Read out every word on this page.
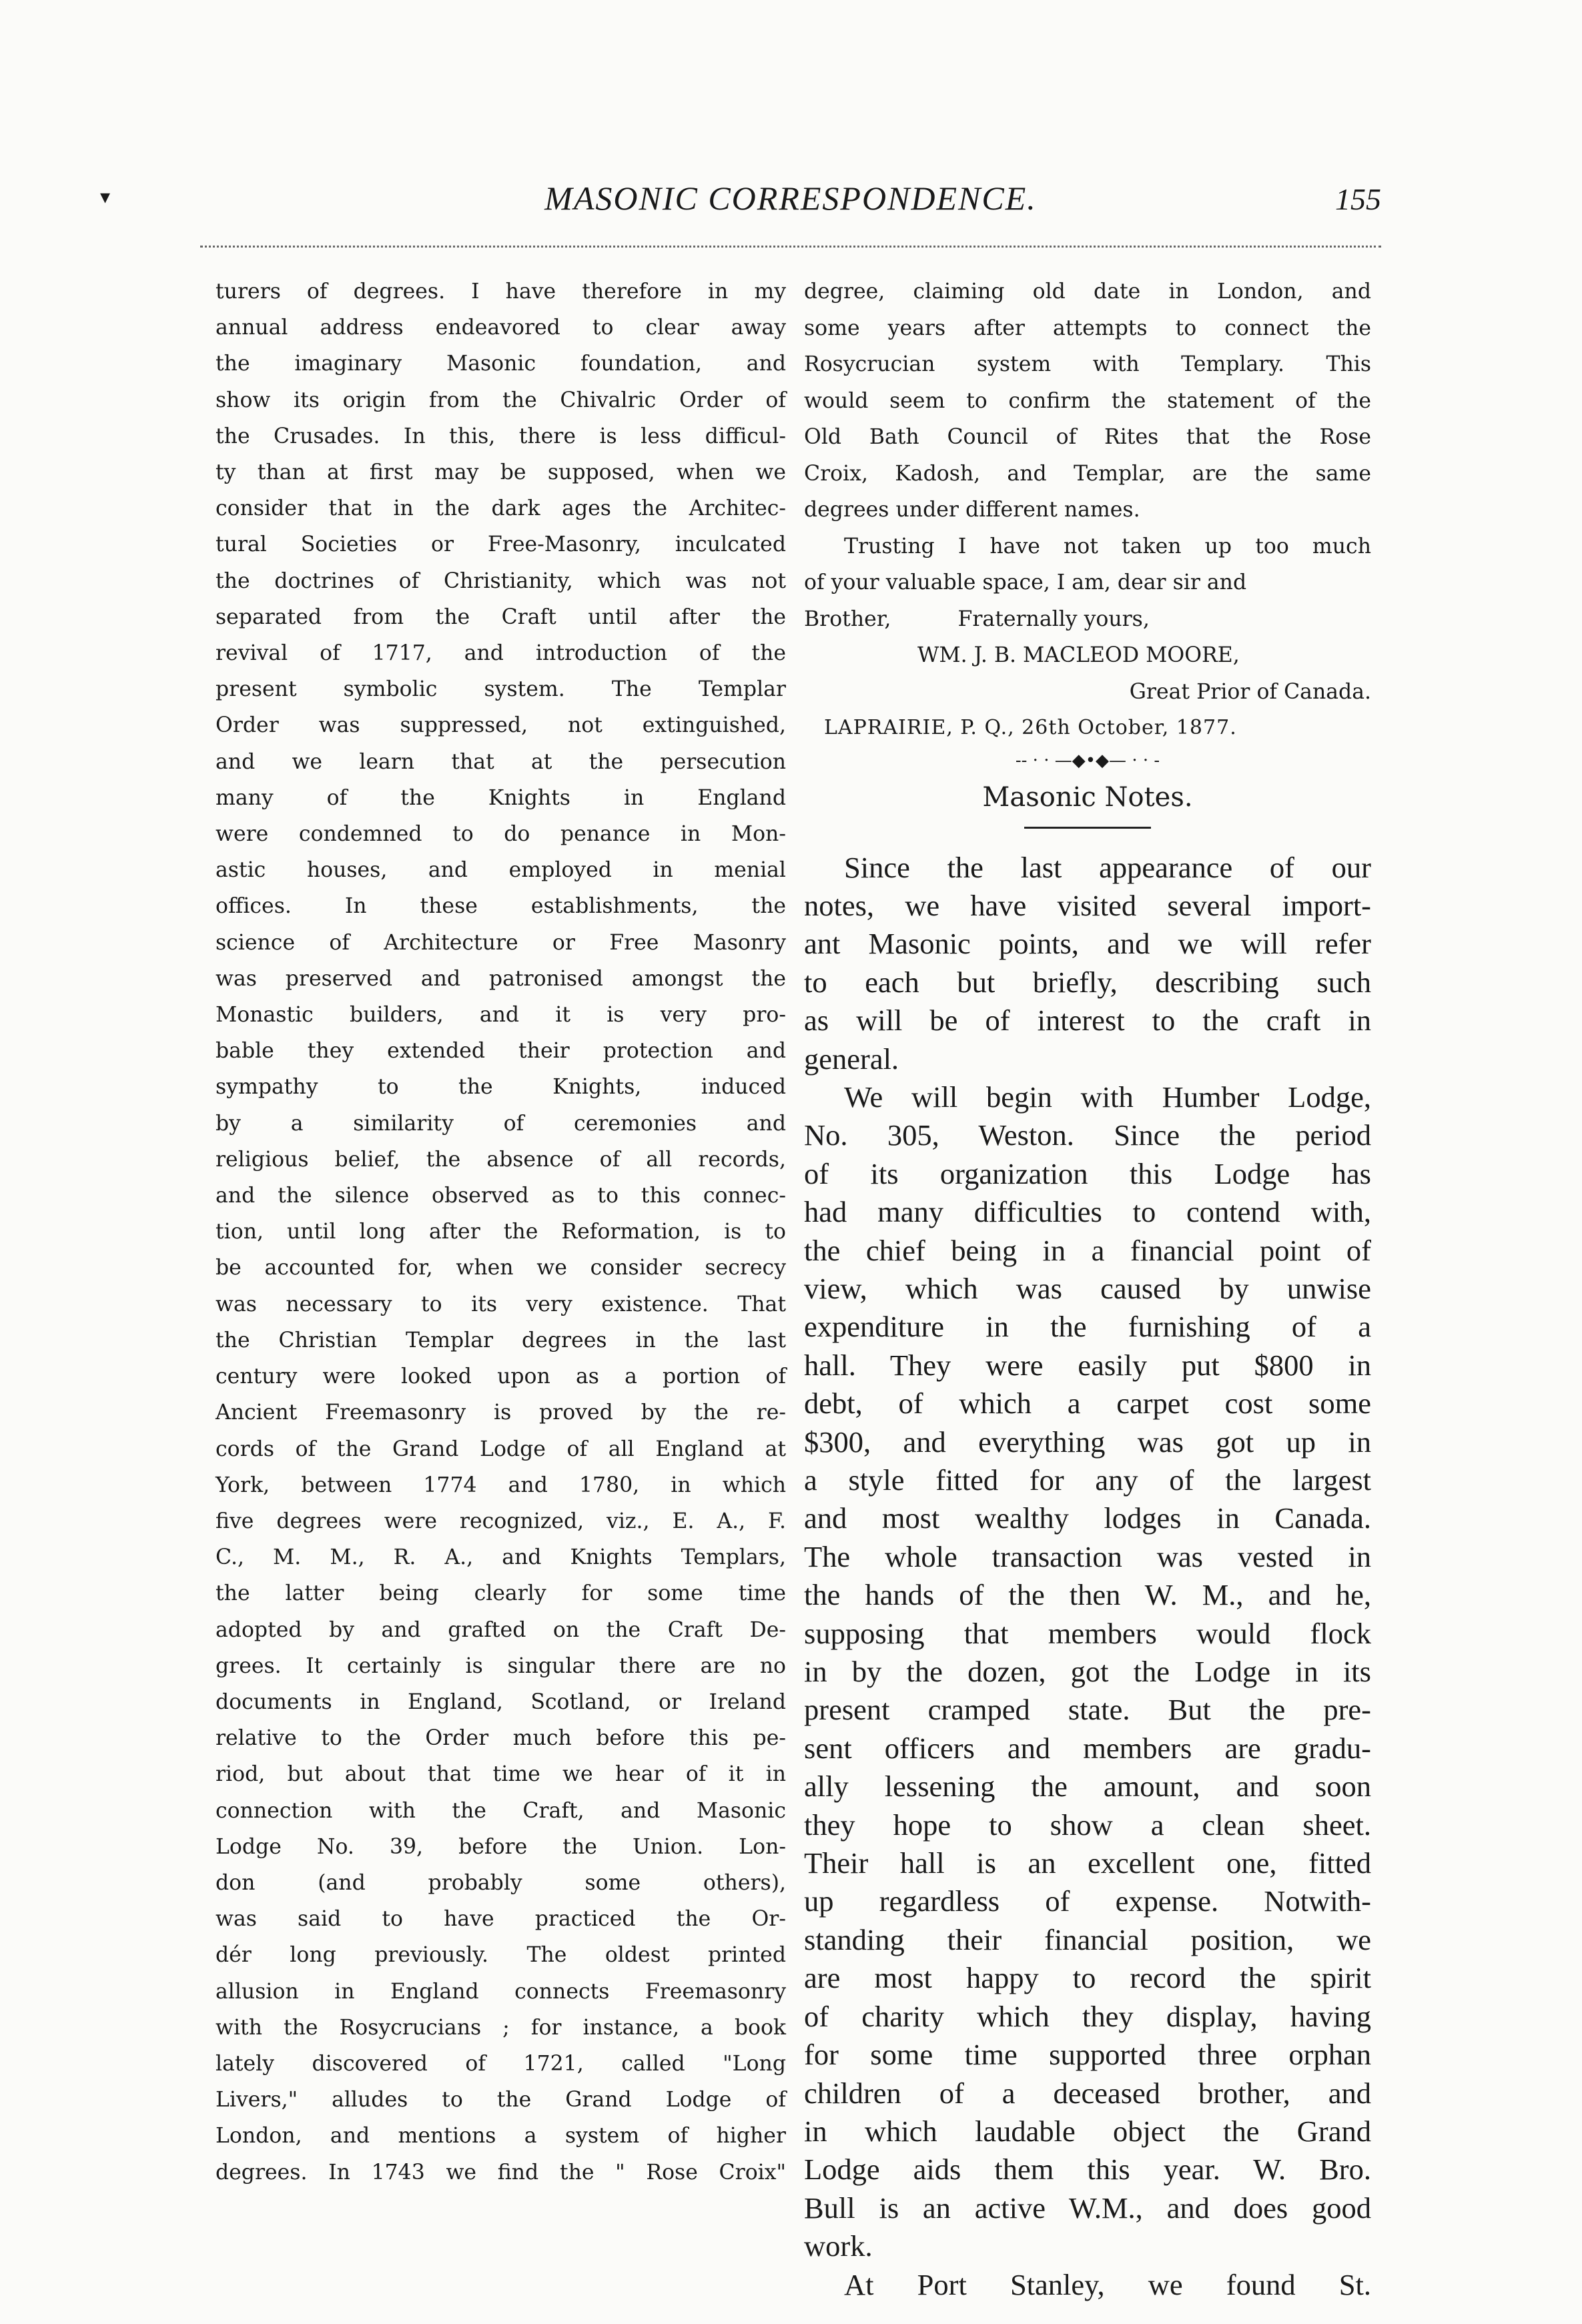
▾	MASONIC CORRESPONDENCE.	155

turers of degrees. I have therefore in my

annual address endeavored to clear away

the imaginary Masonic foundation, and

show its origin from the Chivalric Order of

the Crusades. In this, there is less difficul-

ty than at first may be supposed, when we

consider that in the dark ages the Architec-

tural Societies or Free-Masonry, inculcated

the doctrines of Christianity, which was not

separated from the Craft until after the

revival of 1717, and introduction of the

present symbolic system. The Templar

Order was suppressed, not extinguished,

and we learn that at the persecution

many of the Knights in England

were condemned to do penance in Mon-

astic houses, and employed in menial

offices. In these establishments, the

science of Architecture or Free Masonry

was preserved and patronised amongst the

Monastic builders, and it is very pro-

bable they extended their protection and

sympathy to the Knights, induced

by a similarity of ceremonies and

religious belief, the absence of all records,

and the silence observed as to this connec-

tion, until long after the Reformation, is to

be accounted for, when we consider secrecy

was necessary to its very existence. That

the Christian Templar degrees in the last

century were looked upon as a portion of

Ancient Freemasonry is proved by the re-

cords of the Grand Lodge of all England at

York, between 1774 and 1780, in which

five degrees were recognized, viz., E. A., F.

C., M. M., R. A., and Knights Templars,

the latter being clearly for some time

adopted by and grafted on the Craft De-

grees. It certainly is singular there are no

documents in England, Scotland, or Ireland

relative to the Order much before this pe-

riod, but about that time we hear of it in

connection with the Craft, and Masonic

Lodge No. 39, before the Union. Lon-

don (and probably some others),

was said to have practiced the Or-

dér long previously. The oldest printed

allusion in England connects Freemasonry

with the Rosycrucians ; for instance, a book

lately discovered of 1721, called "Long

Livers," alludes to the Grand Lodge of

London, and mentions a system of higher

degrees. In 1743 we find the " Rose Croix"

degree, claiming old date in London, and

some years after attempts to connect the

Rosycrucian system with Templary. This

would seem to confirm the statement of the

Old Bath Council of Rites that the Rose

Croix, Kadosh, and Templar, are the same

degrees under different names.

Trusting I have not taken up too much

of your valuable space, I am, dear sir and

Brother,          Fraternally yours,

WM. J. B. MACLEOD MOORE,

Great Prior of Canada.

LAPRAIRIE, P. Q., 26th October, 1877.

-- · · —◆•◆— · · -
Masonic Notes.

Since the last appearance of our

notes, we have visited several import-

ant Masonic points, and we will refer

to each but briefly, describing such

as will be of interest to the craft in

general.

We will begin with Humber Lodge,

No. 305, Weston. Since the period

of its organization this Lodge has

had many difficulties to contend with,

the chief being in a financial point of

view, which was caused by unwise

expenditure in the furnishing of a

hall. They were easily put $800 in

debt, of which a carpet cost some

$300, and everything was got up in

a style fitted for any of the largest

and most wealthy lodges in Canada.

The whole transaction was vested in

the hands of the then W. M., and he,

supposing that members would flock

in by the dozen, got the Lodge in its

present cramped state. But the pre-

sent officers and members are gradu-

ally lessening the amount, and soon

they hope to show a clean sheet.

Their hall is an excellent one, fitted

up regardless of expense. Notwith-

standing their financial position, we

are most happy to record the spirit

of charity which they display, having

for some time supported three orphan

children of a deceased brother, and

in which laudable object the Grand

Lodge aids them this year. W. Bro.

Bull is an active W.M., and does good

work.

At Port Stanley, we found St.
